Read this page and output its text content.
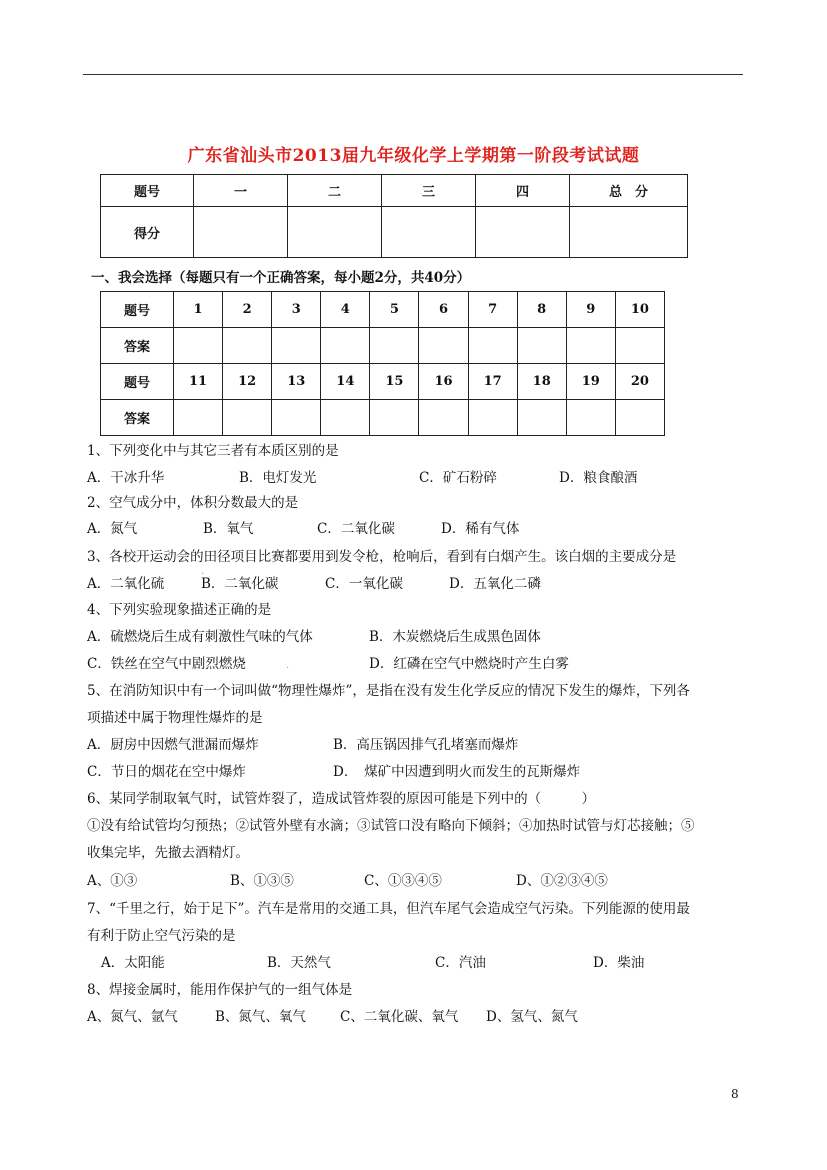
广东省汕头市2013届九年级化学上学期第一阶段考试试题
题号	一	二	三	四	总　分
得分					
一、我会选择（每题只有一个正确答案，每小题2分，共40分）
题号	1	2	3	4	5	6	7	8	9	10
答案										
题号	11	12	13	14	15	16	17	18	19	20
答案										
1、下列变化中与其它三者有本质区别的是
A．干冰升华	B．电灯发光	C．矿石粉碎	D．粮食酿酒
2、空气成分中，体积分数最大的是
A．氮气	B．氧气	C．二氧化碳	D．稀有气体
3、各校开运动会的田径项目比赛都要用到发令枪，枪响后，看到有白烟产生。该白烟的主要成分是
.
A．二氧化硫	B．二氧化碳	C．一氧化碳	D．五氧化二磷
4、下列实验现象描述正确的是
A．硫燃烧后生成有刺激性气味的气体	B．木炭燃烧后生成黑色固体
C．铁丝在空气中剧烈燃烧	D．红磷在空气中燃烧时产生白雾
.
5、在消防知识中有一个词叫做“物理性爆炸”，是指在没有发生化学反应的情况下发生的爆炸，下列各
项描述中属于物理性爆炸的是
A．厨房中因燃气泄漏而爆炸	B．高压锅因排气孔堵塞而爆炸
C．节日的烟花在空中爆炸	D．　煤矿中因遭到明火而发生的瓦斯爆炸
6、某同学制取氧气时，试管炸裂了，造成试管炸裂的原因可能是下列中的（　　　）
①没有给试管均匀预热；②试管外壁有水滴；③试管口没有略向下倾斜；④加热时试管与灯芯接触；⑤
收集完毕，先撤去酒精灯。
A、①③	B、①③⑤	C、①③④⑤	D、①②③④⑤
7、“千里之行，始于足下”。汽车是常用的交通工具，但汽车尾气会造成空气污染。下列能源的使用最
有利于防止空气污染的是
A．太阳能	B．天然气	C．汽油	D．柴油
8、焊接金属时，能用作保护气的一组气体是
A、氮气、氩气	B、氮气、氧气	C、二氧化碳、氧气 D、氢气、氮气
8
